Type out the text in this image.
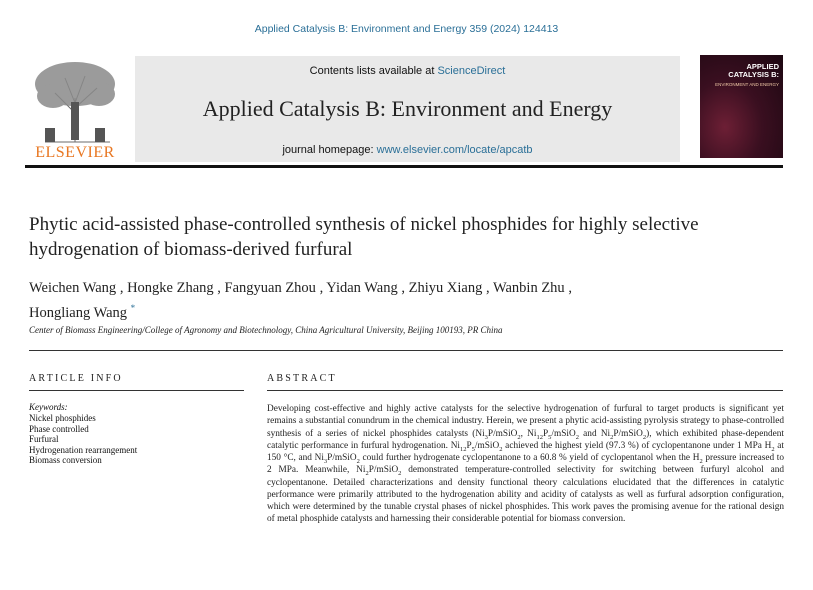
Applied Catalysis B: Environment and Energy 359 (2024) 124413
ELSEVIER
Contents lists available at ScienceDirect
Applied Catalysis B: Environment and Energy
journal homepage: www.elsevier.com/locate/apcatb
APPLIED CATALYSIS B:
ENVIRONMENT AND ENERGY
Phytic acid-assisted phase-controlled synthesis of nickel phosphides for highly selective hydrogenation of biomass-derived furfural
Weichen Wang , Hongke Zhang , Fangyuan Zhou , Yidan Wang , Zhiyu Xiang , Wanbin Zhu ,
Hongliang Wang *
Center of Biomass Engineering/College of Agronomy and Biotechnology, China Agricultural University, Beijing 100193, PR China
ARTICLE INFO	ABSTRACT
Keywords:
Nickel phosphides
Phase controlled
Furfural
Hydrogenation rearrangement
Biomass conversion
Developing cost-effective and highly active catalysts for the selective hydrogenation of furfural to target products is significant yet remains a substantial conundrum in the chemical industry. Herein, we present a phytic acid-assisting pyrolysis strategy to phase-controlled synthesis of a series of nickel phosphides catalysts ($Ni_3P/mSiO_2$, $Ni_{12}P_5/mSiO_2$ and $Ni_2P/mSiO_2$), which exhibited phase-dependent catalytic performance in furfural hydrogenation. $Ni_{12}P_5/mSiO_2$ achieved the highest yield (97.3 %) of cyclopentanone under 1 MPa $H_2$ at 150 °C, and $Ni_3P/mSiO_2$ could further hydrogenate cyclopentanone to a 60.8 % yield of cyclopentanol when the $H_2$ pressure increased to 2 MPa. Meanwhile, $Ni_2P/mSiO_2$ demonstrated temperature-controlled selectivity for switching between furfuryl alcohol and cyclopentanone. Detailed characterizations and density functional theory calculations elucidated that the differences in catalytic performance were primarily attributed to the hydrogenation ability and acidity of catalysts as well as furfural adsorption configuration, which were determined by the tunable crystal phases of nickel phosphides. This work paves the promising avenue for the rational design of metal phosphide catalysts and harnessing their considerable potential for biomass conversion.
